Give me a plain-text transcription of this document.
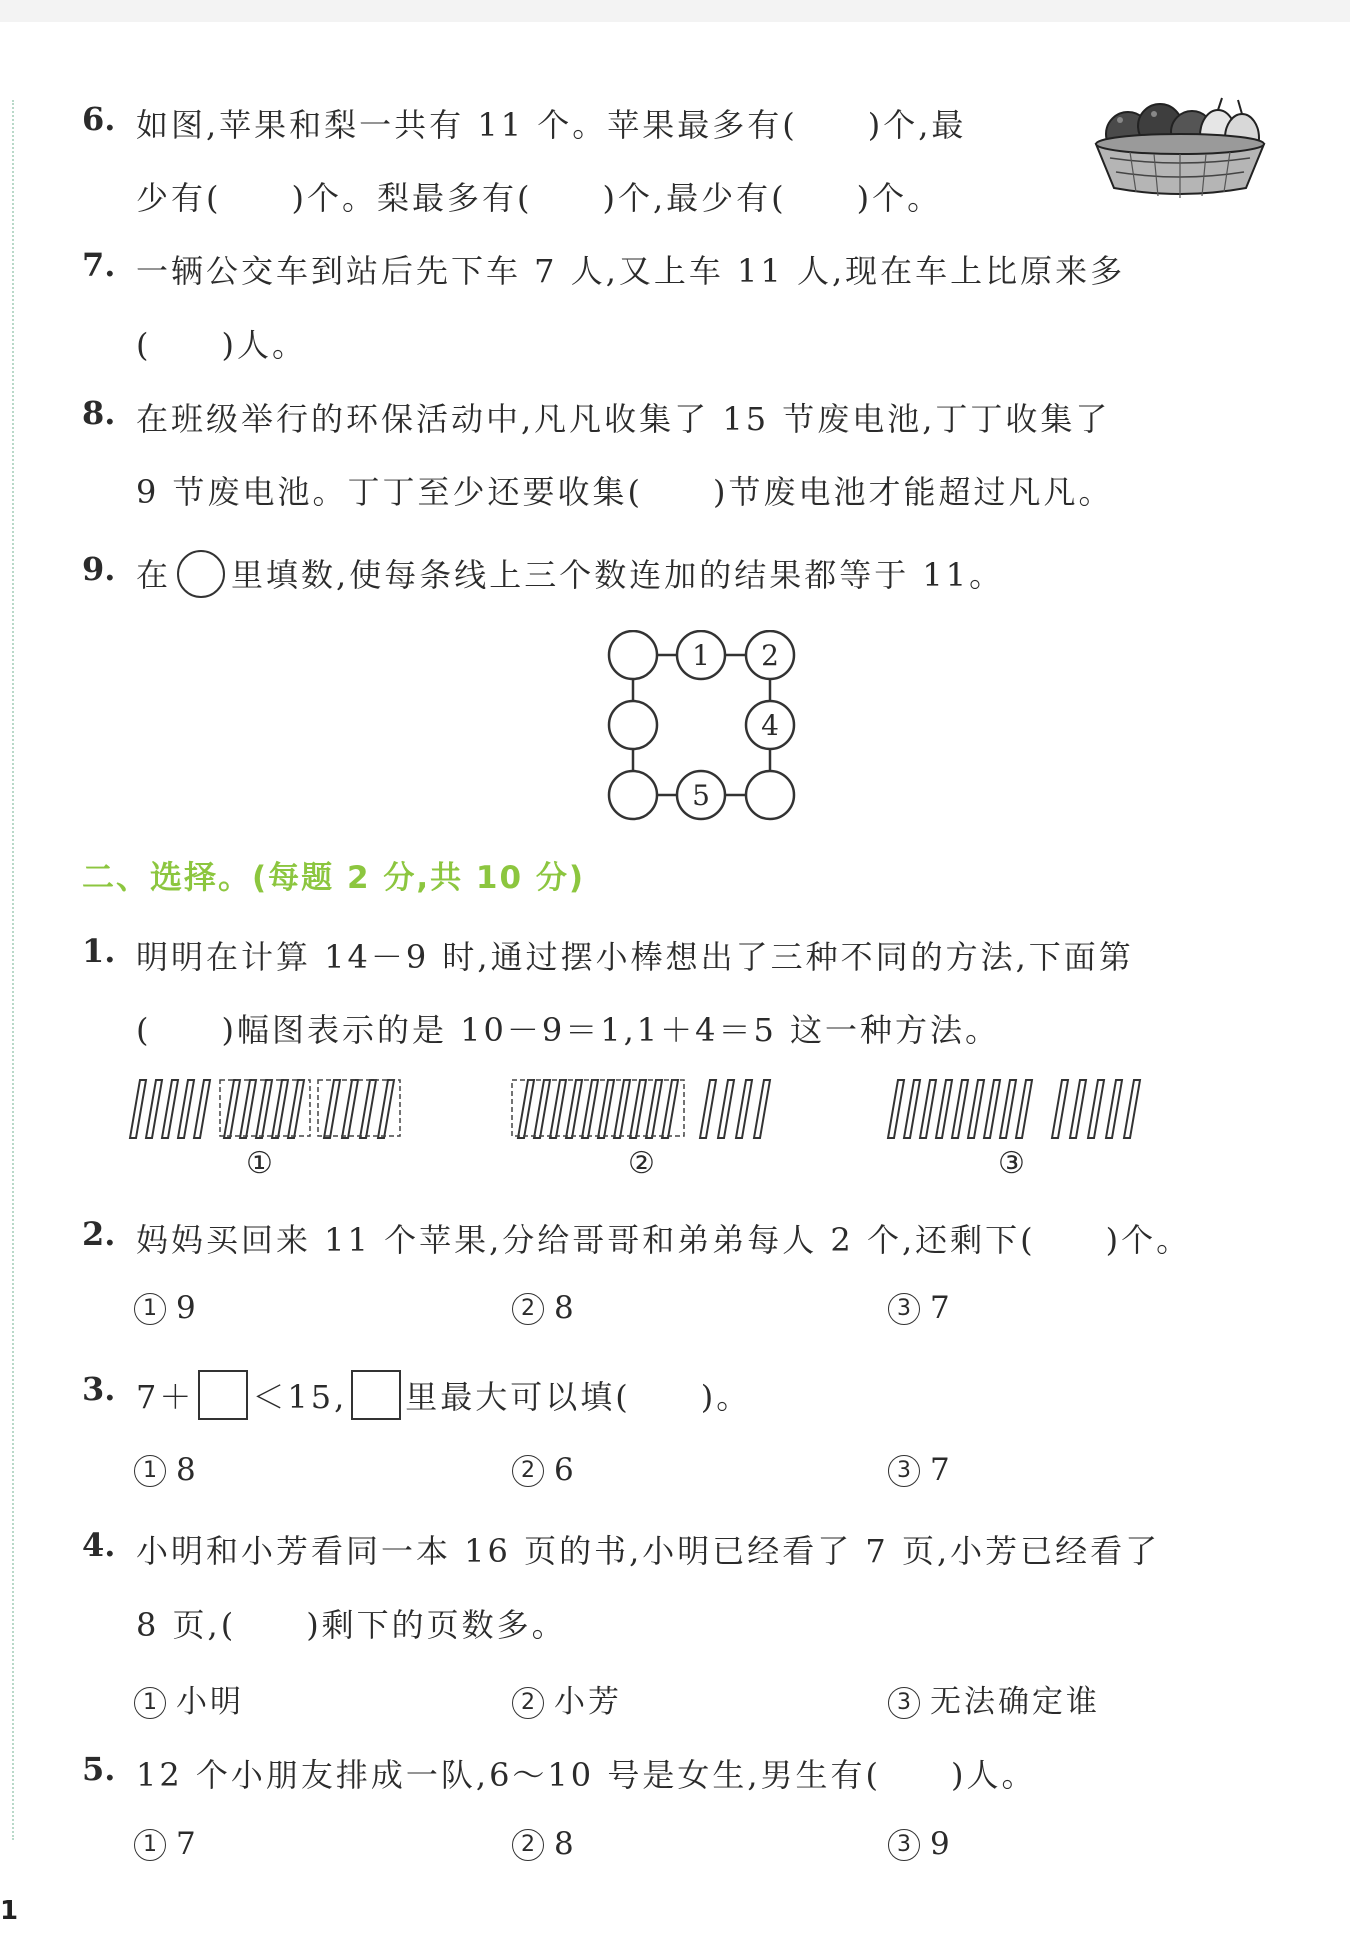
6. 如图,苹果和梨一共有 11 个。苹果最多有(　　)个,最
少有(　　)个。梨最多有(　　)个,最少有(　　)个。
7. 一辆公交车到站后先下车 7 人,又上车 11 人,现在车上比原来多
(　　)人。
8. 在班级举行的环保活动中,凡凡收集了 15 节废电池,丁丁收集了
9 节废电池。丁丁至少还要收集(　　)节废电池才能超过凡凡。
9. 在 里填数,使每条线上三个数连加的结果都等于 11。
1 2
4
5
二、选择。(每题 2 分,共 10 分)
1. 明明在计算 14－9 时,通过摆小棒想出了三种不同的方法,下面第
(　　)幅图表示的是 10－9＝1,1＋4＝5 这一种方法。
①	②	③
2. 妈妈买回来 11 个苹果,分给哥哥和弟弟每人 2 个,还剩下(　　)个。
1 9	2 8	3 7
3. 7＋ ＜15, 里最大可以填(　　)。
1 8	2 6	3 7
4. 小明和小芳看同一本 16 页的书,小明已经看了 7 页,小芳已经看了
8 页,(　　)剩下的页数多。
1 小明	2 小芳	3 无法确定谁
5. 12 个小朋友排成一队,6～10 号是女生,男生有(　　)人。
1 7	2 8	3 9
1
